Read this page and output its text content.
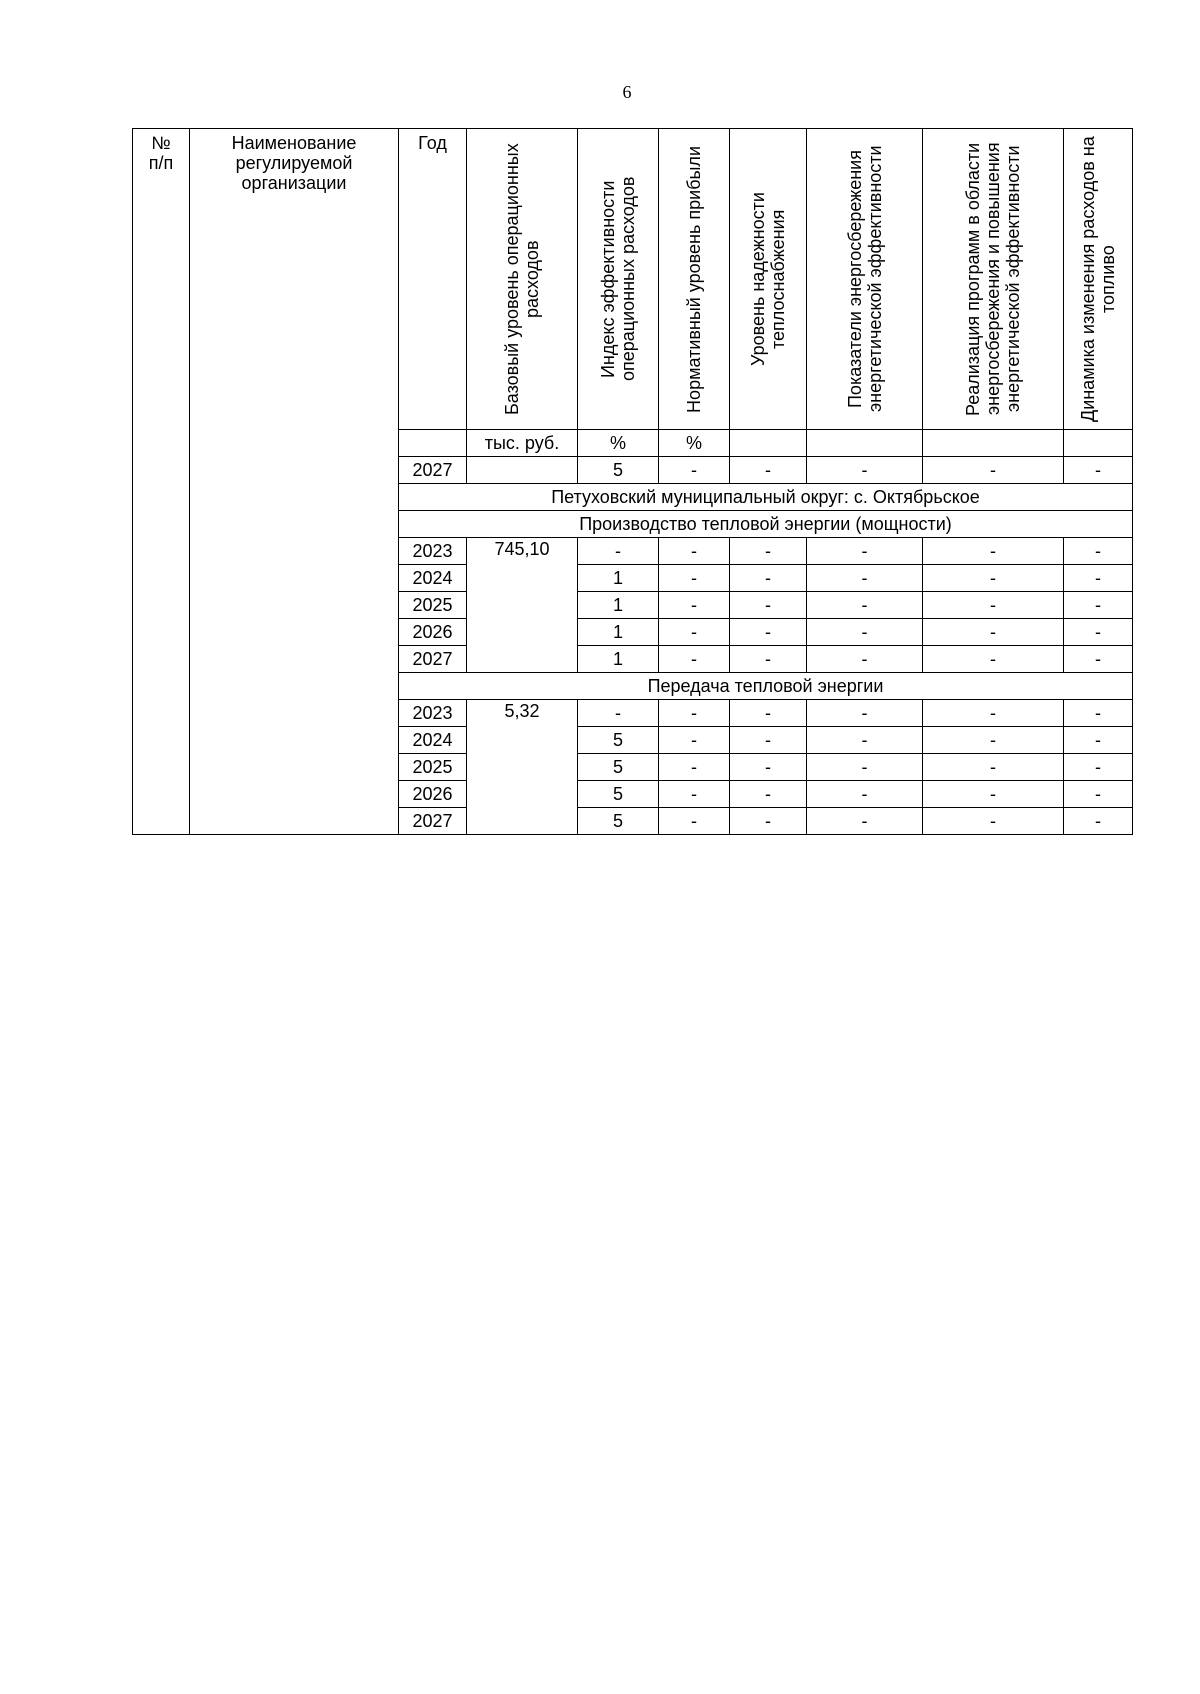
6
№
п/п	Наименование регулируемой организации	Год	Базовый уровень операционных расходов	Индекс эффективности операционных расходов	Нормативный уровень прибыли	Уровень надежности теплоснабжения	Показатели энергосбережения энергетической эффективности	Реализация программ в области энергосбережения и повышения энергетической эффективности	Динамика изменения расходов на топливо

			тыс. руб.	%	%				
		2027		5	-	-	-	-	-
		Петуховский муниципальный округ: с. Октябрьское							
		Производство тепловой энергии (мощности)							
		2023	745,10	-	-	-	-	-	-
		2024		1	-	-	-	-	-
		2025		1	-	-	-	-	-
		2026		1	-	-	-	-	-
		2027		1	-	-	-	-	-
		Передача тепловой энергии							
		2023	5,32	-	-	-	-	-	-
		2024		5	-	-	-	-	-
		2025		5	-	-	-	-	-
		2026		5	-	-	-	-	-
		2027		5	-	-	-	-	-
